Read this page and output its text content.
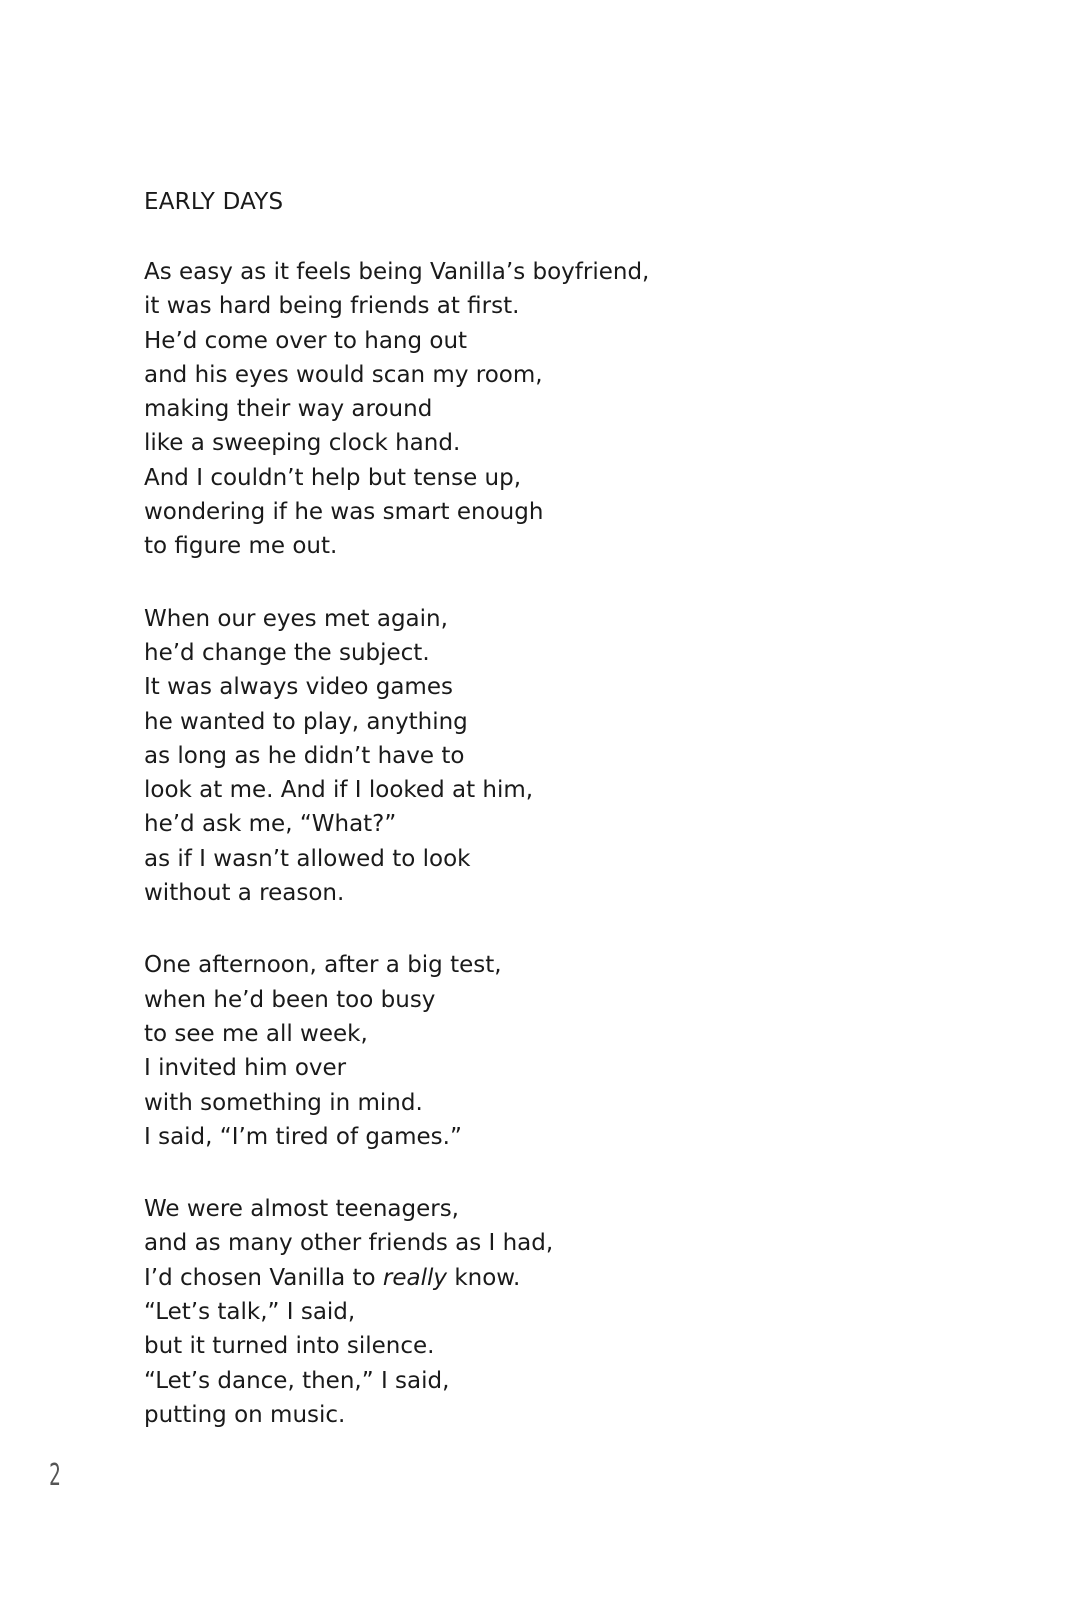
EARLY DAYS
As easy as it feels being Vanilla’s boyfriend,
it was hard being friends at first.
He’d come over to hang out
and his eyes would scan my room,
making their way around
like a sweeping clock hand.
And I couldn’t help but tense up,
wondering if he was smart enough
to figure me out.
When our eyes met again,
he’d change the subject.
It was always video games
he wanted to play, anything
as long as he didn’t have to
look at me. And if I looked at him,
he’d ask me, “What?”
as if I wasn’t allowed to look
without a reason.
One afternoon, after a big test,
when he’d been too busy
to see me all week,
I invited him over
with something in mind.
I said, “I’m tired of games.”
We were almost teenagers,
and as many other friends as I had,
I’d chosen Vanilla to really know.
“Let’s talk,” I said,
but it turned into silence.
“Let’s dance, then,” I said,
putting on music.
2
